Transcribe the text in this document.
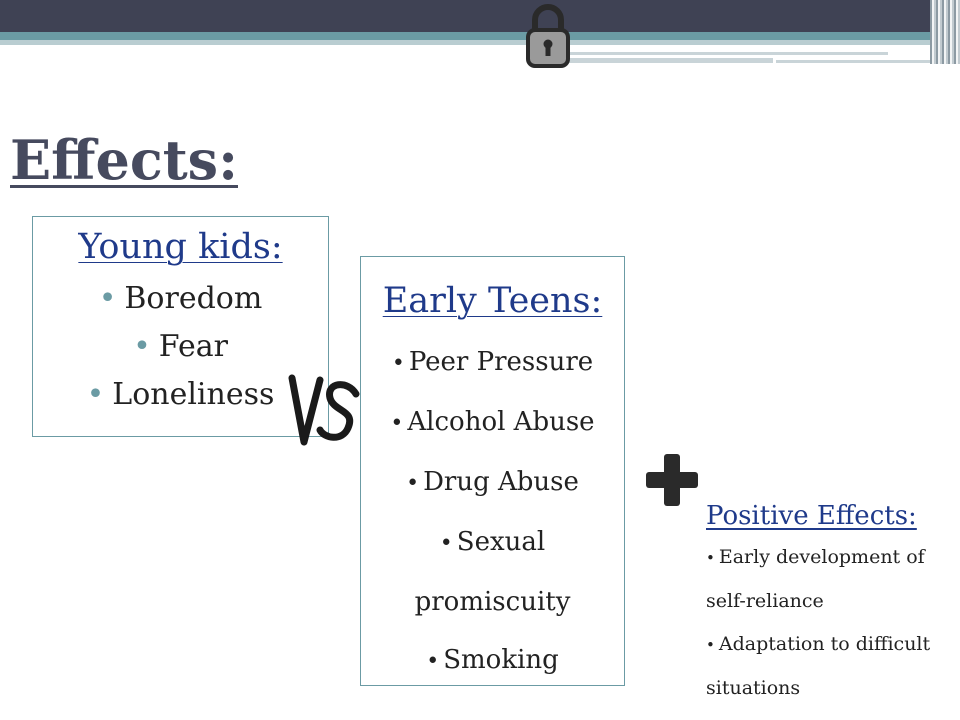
Effects:
Young kids:
• Boredom
• Fear
• Loneliness
Early Teens:
• Peer Pressure
• Alcohol Abuse
• Drug Abuse
• Sexual promiscuity
• Smoking
Positive Effects:
• Early development of self-reliance
• Adaptation to difficult situations
